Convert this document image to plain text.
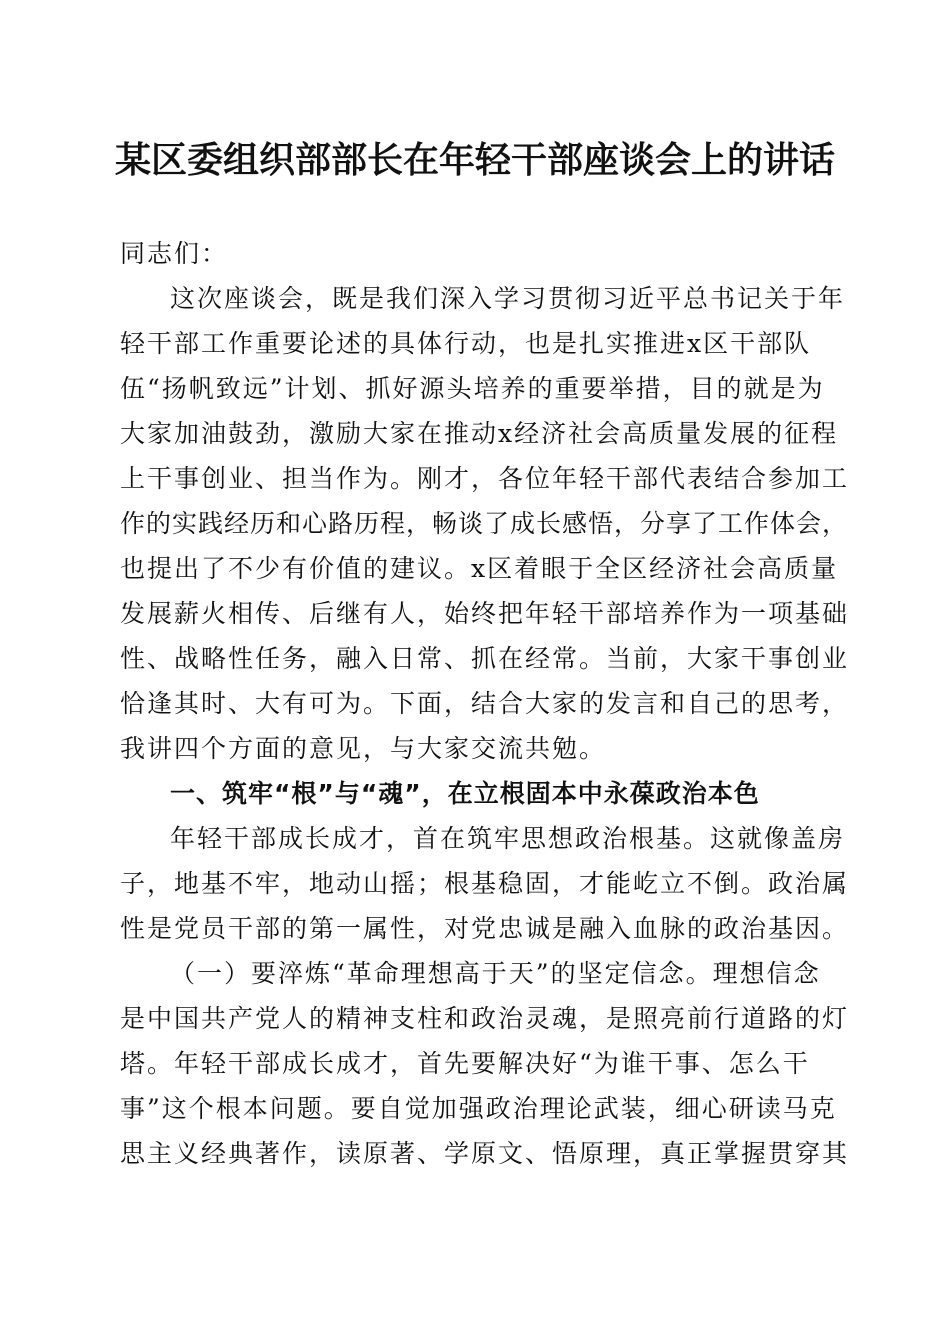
某区委组织部部长在年轻干部座谈会上的讲话
同志们：
这次座谈会，既是我们深入学习贯彻习近平总书记关于年
轻干部工作重要论述的具体行动，也是扎实推进x区干部队
伍“扬帆致远”计划、抓好源头培养的重要举措，目的就是为
大家加油鼓劲，激励大家在推动x经济社会高质量发展的征程
上干事创业、担当作为。刚才，各位年轻干部代表结合参加工
作的实践经历和心路历程，畅谈了成长感悟，分享了工作体会，
也提出了不少有价值的建议。x区着眼于全区经济社会高质量
发展薪火相传、后继有人，始终把年轻干部培养作为一项基础
性、战略性任务，融入日常、抓在经常。当前，大家干事创业
恰逢其时、大有可为。下面，结合大家的发言和自己的思考，
我讲四个方面的意见，与大家交流共勉。
一、筑牢“根”与“魂”，在立根固本中永葆政治本色
年轻干部成长成才，首在筑牢思想政治根基。这就像盖房
子，地基不牢，地动山摇；根基稳固，才能屹立不倒。政治属
性是党员干部的第一属性，对党忠诚是融入血脉的政治基因。
（一）要淬炼“革命理想高于天”的坚定信念。理想信念
是中国共产党人的精神支柱和政治灵魂，是照亮前行道路的灯
塔。年轻干部成长成才，首先要解决好“为谁干事、怎么干
事”这个根本问题。要自觉加强政治理论武装，细心研读马克
思主义经典著作，读原著、学原文、悟原理，真正掌握贯穿其
